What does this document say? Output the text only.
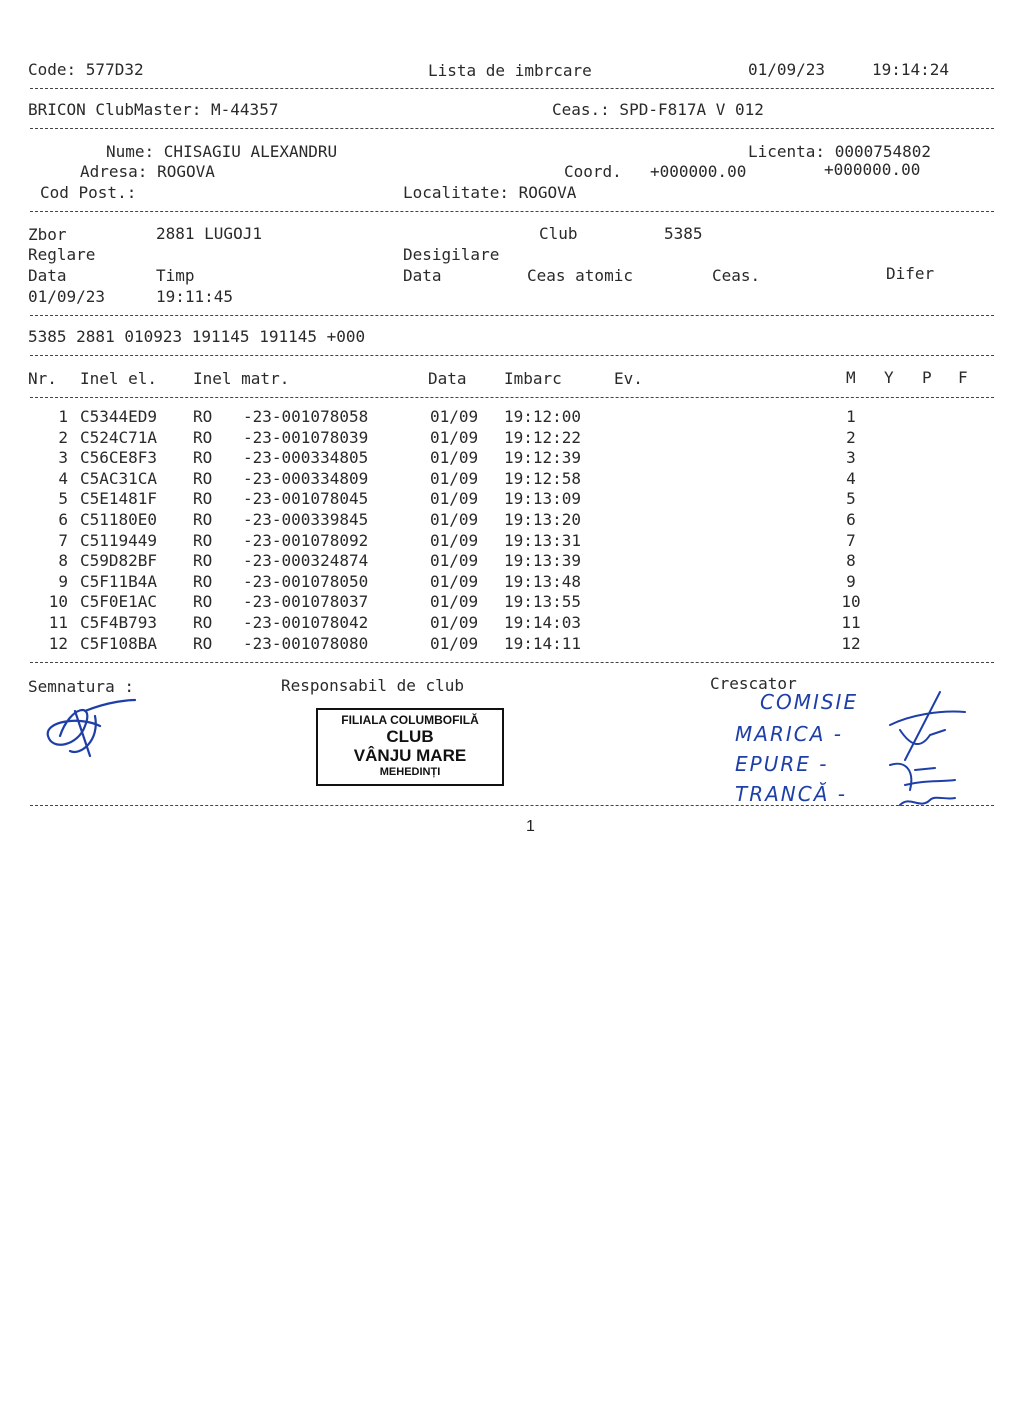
Code: 577D32	Lista de imbrcare	01/09/23	19:14:24
BRICON ClubMaster: M-44357	Ceas.: SPD-F817A V 012
Nume: CHISAGIU ALEXANDRU	Licenta: 0000754802
Adresa: ROGOVA	Coord. +000000.00	+000000.00
Cod Post.:	Localitate: ROGOVA
Zbor	2881 LUGOJ1	Club	5385
Reglare	Desigilare
Data	Timp	Data	Ceas atomic	Ceas.	Difer
01/09/23	19:11:45
5385 2881 010923 191145 191145 +000
Nr. Inel el. Inel matr.	Data Imbarc	Ev.	M Y P F
1 C5344ED9 RO -23-001078058	01/09 19:12:00	1
2 C524C71A RO -23-001078039	01/09 19:12:22	2
3 C56CE8F3 RO -23-000334805	01/09 19:12:39	3
4 C5AC31CA RO -23-000334809	01/09 19:12:58	4
5 C5E1481F RO -23-001078045	01/09 19:13:09	5
6 C51180E0 RO -23-000339845	01/09 19:13:20	6
7 C5119449 RO -23-001078092	01/09 19:13:31	7
8 C59D82BF RO -23-000324874	01/09 19:13:39	8
9 C5F11B4A RO -23-001078050	01/09 19:13:48	9
10 C5F0E1AC RO -23-001078037	01/09 19:13:55	10
11 C5F4B793 RO -23-001078042	01/09 19:14:03	11
12 C5F108BA RO -23-001078080	01/09 19:14:11	12
Semnatura :	Responsabil de club	Crescator
FILIALA COLUMBOFILĂ
CLUB
VÂNJU MARE
MEHEDINȚI
COMISIE
MARICA -
EPURE -
TRANCĂ -
1
